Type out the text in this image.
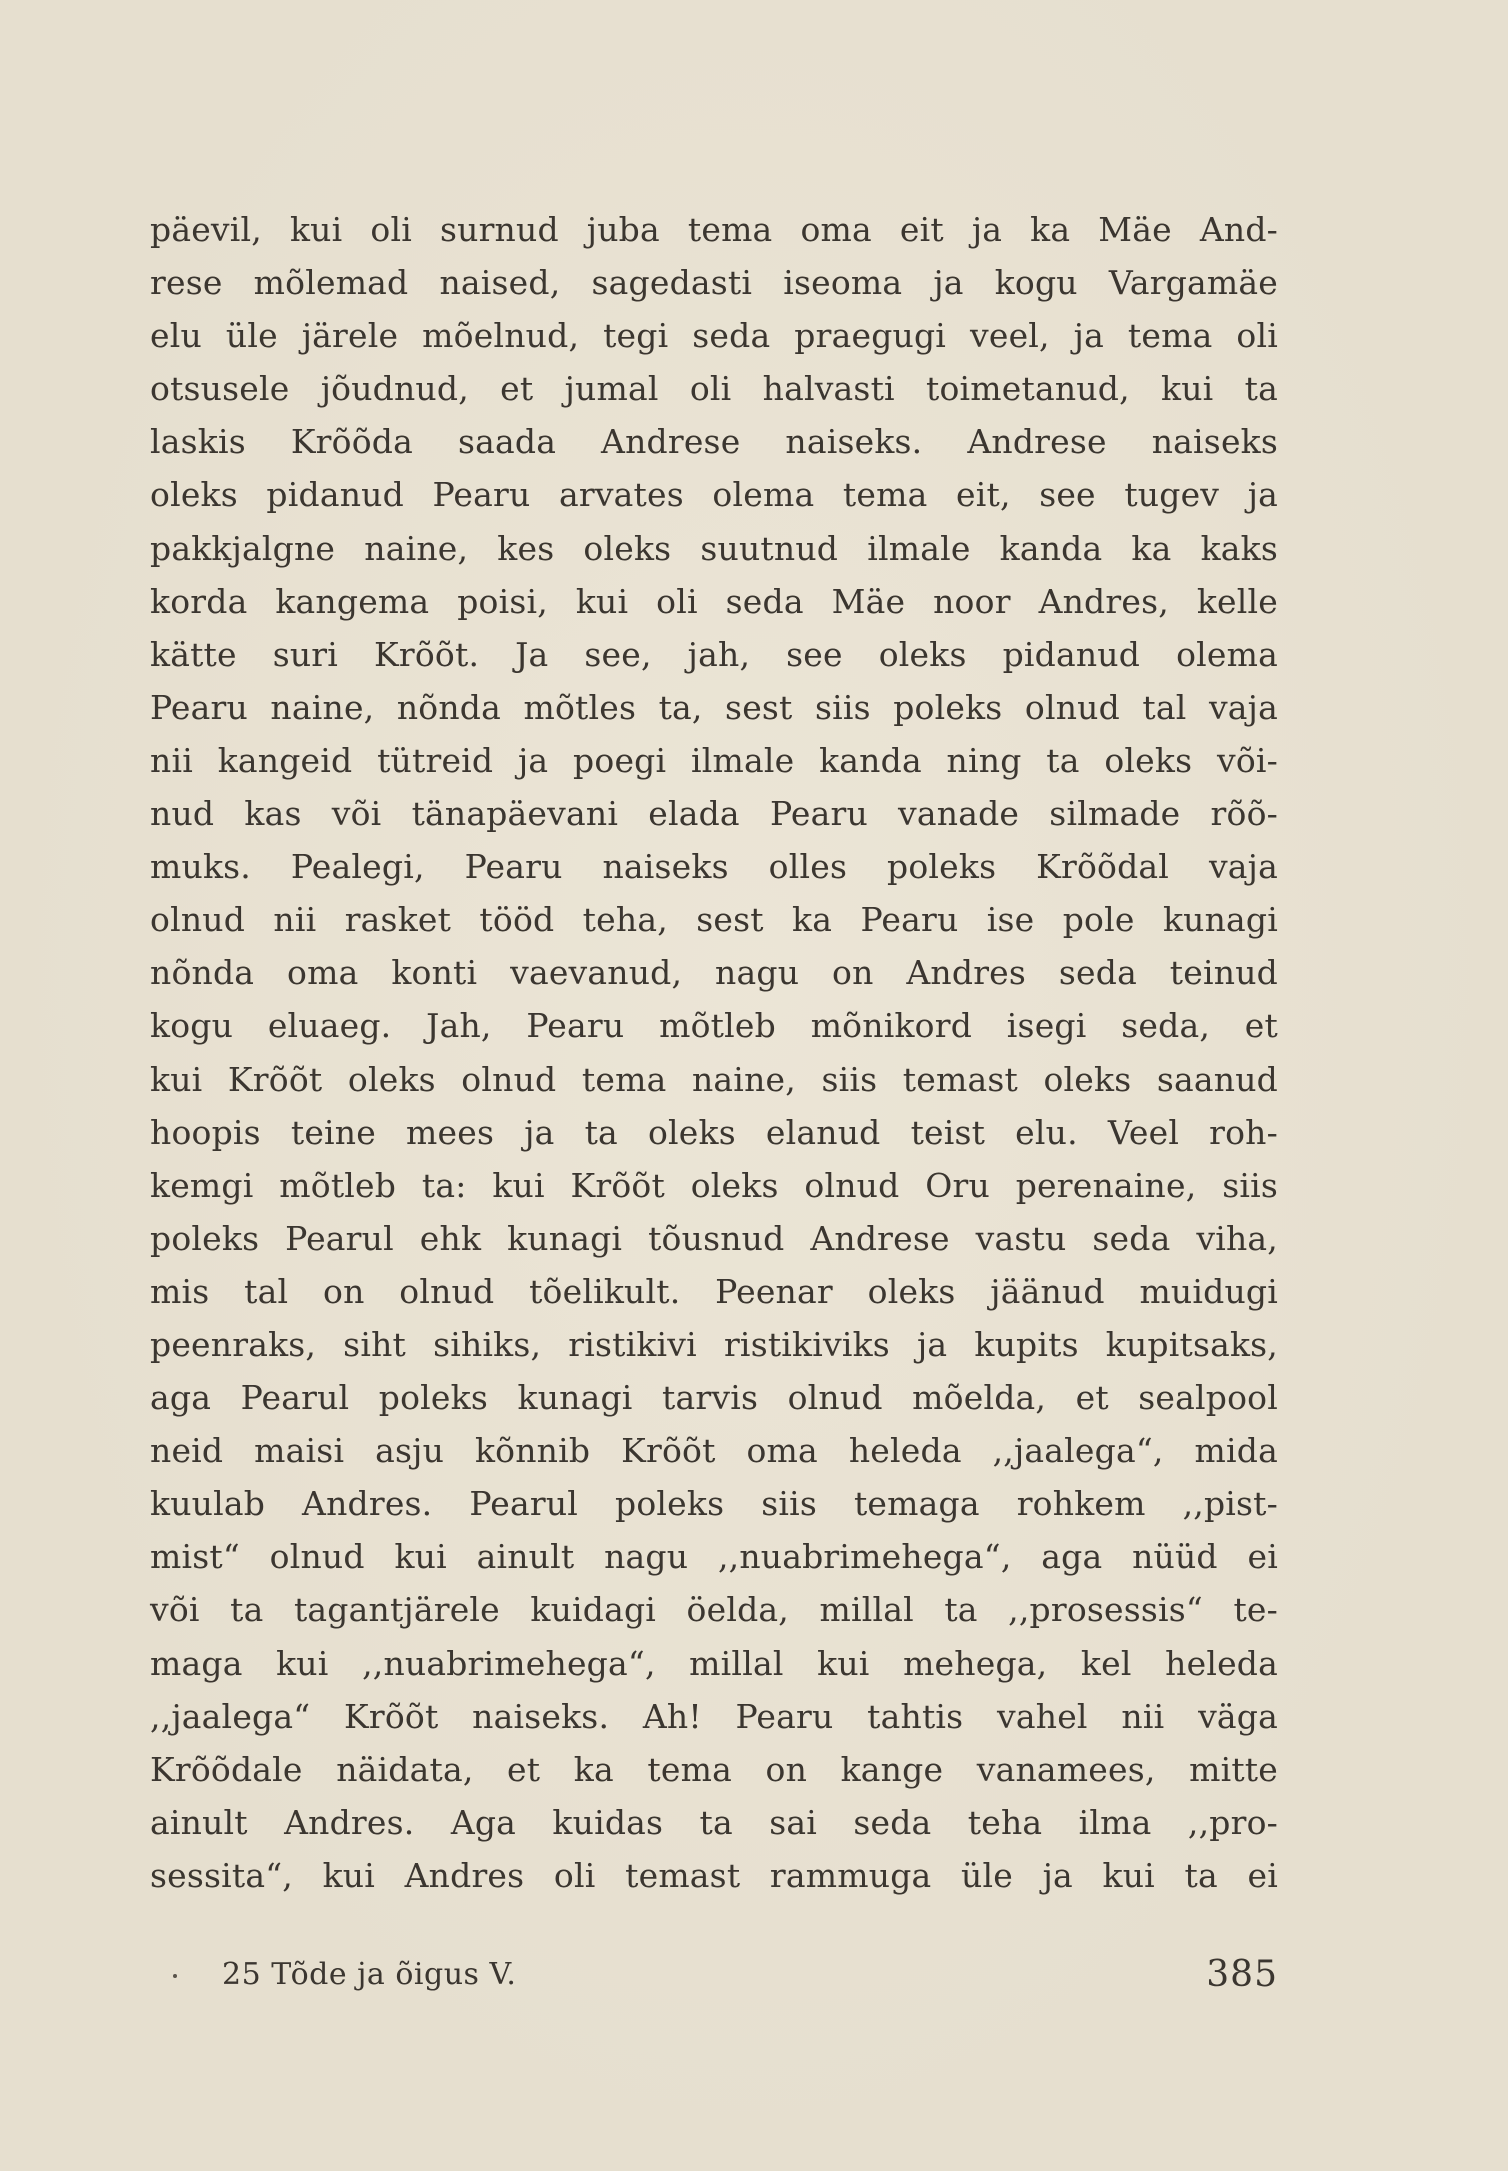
päevil, kui oli surnud juba tema oma eit ja ka Mäe And-
rese mõlemad naised, sagedasti iseoma ja kogu Vargamäe
elu üle järele mõelnud, tegi seda praegugi veel, ja tema oli
otsusele jõudnud, et jumal oli halvasti toimetanud, kui ta
laskis Krõõda saada Andrese naiseks. Andrese naiseks
oleks pidanud Pearu arvates olema tema eit, see tugev ja
pakkjalgne naine, kes oleks suutnud ilmale kanda ka kaks
korda kangema poisi, kui oli seda Mäe noor Andres, kelle
kätte suri Krõõt. Ja see, jah, see oleks pidanud olema
Pearu naine, nõnda mõtles ta, sest siis poleks olnud tal vaja
nii kangeid tütreid ja poegi ilmale kanda ning ta oleks või-
nud kas või tänapäevani elada Pearu vanade silmade rõõ-
muks. Pealegi, Pearu naiseks olles poleks Krõõdal vaja
olnud nii rasket tööd teha, sest ka Pearu ise pole kunagi
nõnda oma konti vaevanud, nagu on Andres seda teinud
kogu eluaeg. Jah, Pearu mõtleb mõnikord isegi seda, et
kui Krõõt oleks olnud tema naine, siis temast oleks saanud
hoopis teine mees ja ta oleks elanud teist elu. Veel roh-
kemgi mõtleb ta: kui Krõõt oleks olnud Oru perenaine, siis
poleks Pearul ehk kunagi tõusnud Andrese vastu seda viha,
mis tal on olnud tõelikult. Peenar oleks jäänud muidugi
peenraks, siht sihiks, ristikivi ristikiviks ja kupits kupitsaks,
aga Pearul poleks kunagi tarvis olnud mõelda, et sealpool
neid maisi asju kõnnib Krõõt oma heleda ,,jaalega“, mida
kuulab Andres. Pearul poleks siis temaga rohkem ,,pist-
mist“ olnud kui ainult nagu ,,nuabrimehega“, aga nüüd ei
või ta tagantjärele kuidagi öelda, millal ta ,,prosessis“ te-
maga kui ,,nuabrimehega“, millal kui mehega, kel heleda
,,jaalega“ Krõõt naiseks. Ah! Pearu tahtis vahel nii väga
Krõõdale näidata, et ka tema on kange vanamees, mitte
ainult Andres. Aga kuidas ta sai seda teha ilma ,,pro-
sessita“, kui Andres oli temast rammuga üle ja kui ta ei
25 Tõde ja õigus V.	385
